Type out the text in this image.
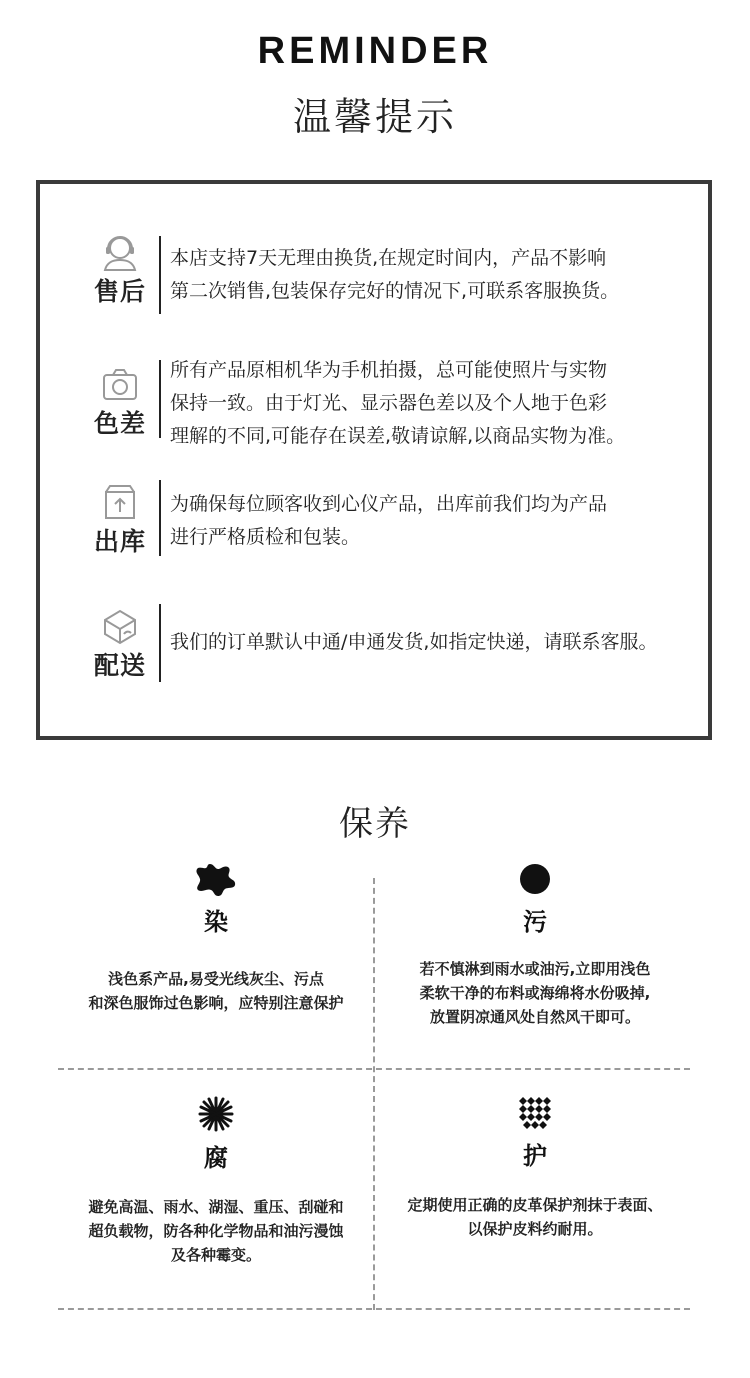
REMINDER
温馨提示
售后
本店支持7天无理由换货,在规定时间内，产品不影响
第二次销售,包装保存完好的情况下,可联系客服换货。
色差
所有产品原相机华为手机拍摄，总可能使照片与实物
保持一致。由于灯光、显示器色差以及个人地于色彩
理解的不同,可能存在误差,敬请谅解,以商品实物为准。
出库
为确保每位顾客收到心仪产品，出库前我们均为产品
进行严格质检和包装。
配送
我们的订单默认中通/申通发货,如指定快递，请联系客服。
保养
染
浅色系产品,易受光线灰尘、污点
和深色服饰过色影响，应特别注意保护
污
若不慎淋到雨水或油污,立即用浅色
柔软干净的布料或海绵将水份吸掉,
放置阴凉通风处自然风干即可。
腐
避免高温、雨水、湖湿、重压、刮碰和
超负载物，防各种化学物品和油污漫蚀
及各种霉变。
护
定期使用正确的皮革保护剂抹于表面、
以保护皮料约耐用。
